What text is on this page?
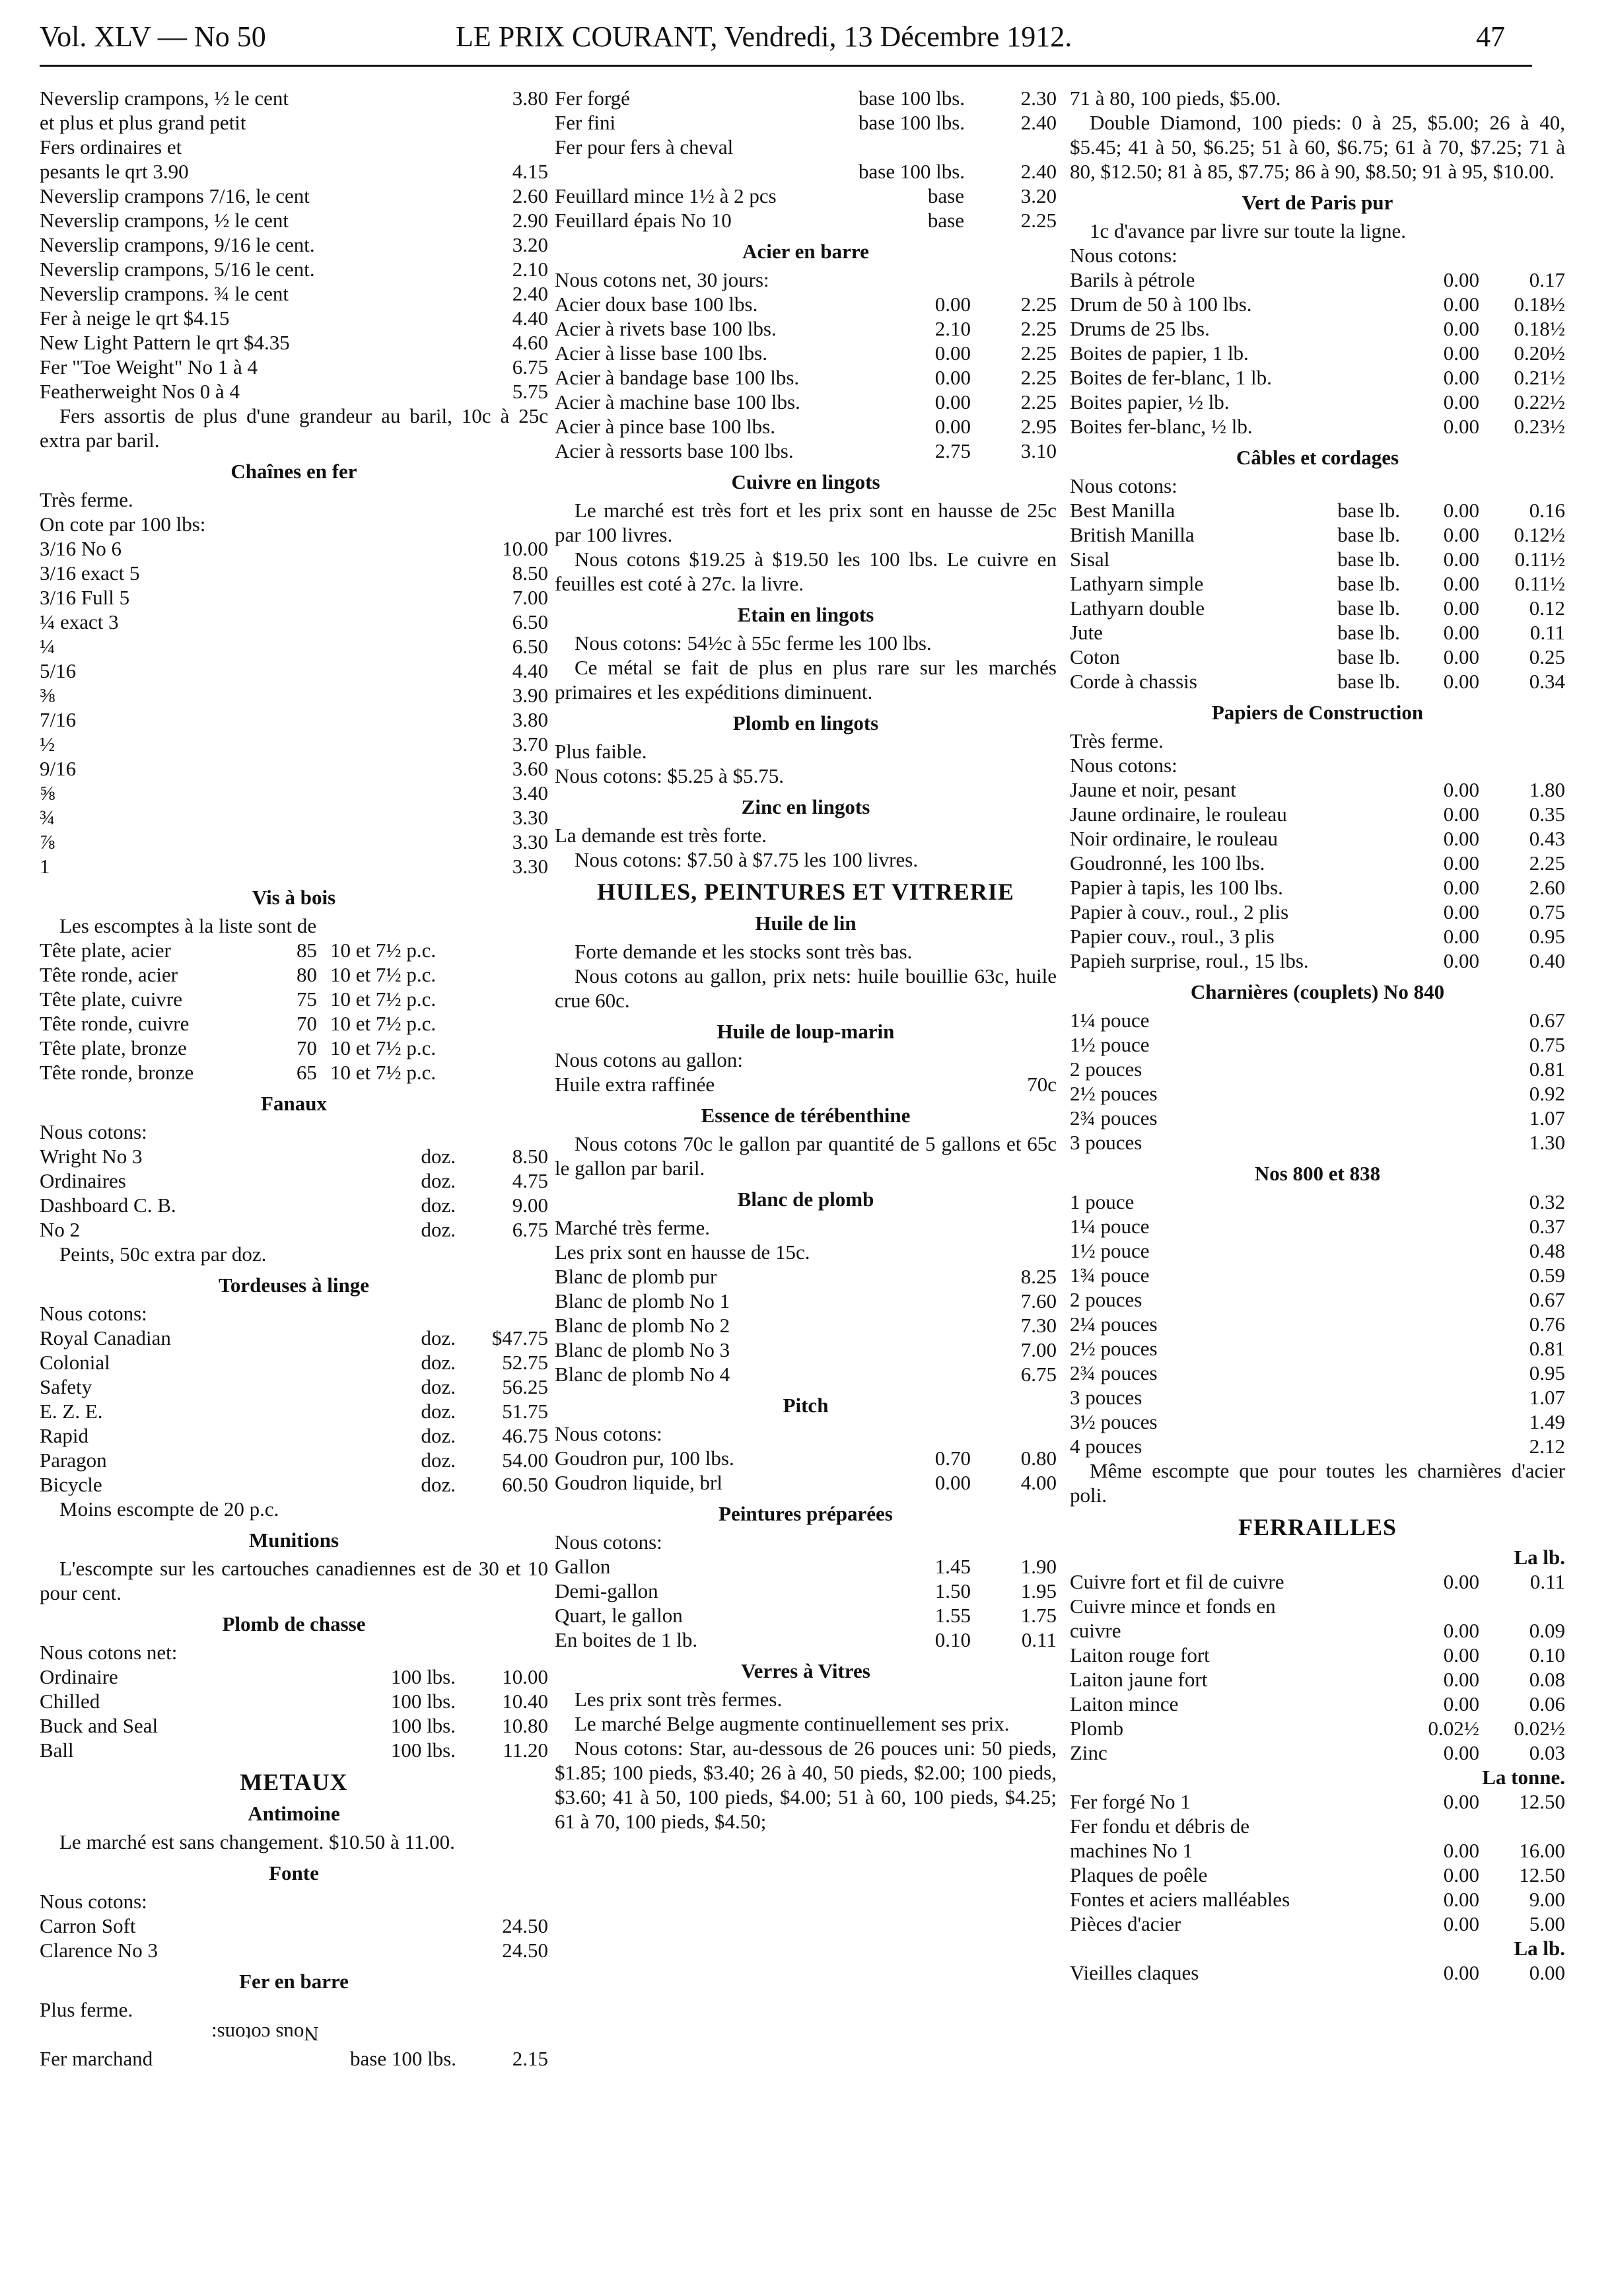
Vol. XLV — No 50	LE PRIX COURANT, Vendredi, 13 Décembre 1912.	47
Neverslip crampons, ½ le cent	3.80
et plus et plus grand petit
Fers ordinaires et
pesants le qrt 3.90	4.15
Neverslip crampons 7/16, le cent	2.60
Neverslip crampons, ½ le cent	2.90
Neverslip crampons, 9/16 le cent.	3.20
Neverslip crampons, 5/16 le cent.	2.10
Neverslip crampons. ¾ le cent	2.40
Fer à neige le qrt $4.15	4.40
New Light Pattern le qrt $4.35	4.60
Fer "Toe Weight" No 1 à 4	6.75
Featherweight Nos 0 à 4	5.75
Fers assortis de plus d'une grandeur au baril, 10c à 25c extra par baril.
Chaînes en fer
Très ferme.
On cote par 100 lbs:
3/16 No 6	10.00
3/16 exact 5	8.50
3/16 Full 5	7.00
¼ exact 3	6.50
¼	6.50
5/16	4.40
⅜	3.90
7/16	3.80
½	3.70
9/16	3.60
⅝	3.40
¾	3.30
⅞	3.30
1	3.30
Vis à bois
Les escomptes à la liste sont de
Tête plate, acier	85 10 et 7½ p.c.
Tête ronde, acier	80 10 et 7½ p.c.
Tête plate, cuivre	75 10 et 7½ p.c.
Tête ronde, cuivre	70 10 et 7½ p.c.
Tête plate, bronze	70 10 et 7½ p.c.
Tête ronde, bronze	65 10 et 7½ p.c.
Fanaux
Nous cotons:
Wright No 3	doz.	8.50
Ordinaires	doz.	4.75
Dashboard C. B.	doz.	9.00
No 2	doz.	6.75
Peints, 50c extra par doz.
Tordeuses à linge
Nous cotons:
Royal Canadian	doz.	$47.75
Colonial	doz.	52.75
Safety	doz.	56.25
E. Z. E.	doz.	51.75
Rapid	doz.	46.75
Paragon	doz.	54.00
Bicycle	doz.	60.50
Moins escompte de 20 p.c.
Munitions
L'escompte sur les cartouches canadiennes est de 30 et 10 pour cent.
Plomb de chasse
Nous cotons net:
Ordinaire	100 lbs.	10.00
Chilled	100 lbs.	10.40
Buck and Seal	100 lbs.	10.80
Ball	100 lbs.	11.20
METAUX
Antimoine
Le marché est sans changement. $10.50 à 11.00.
Fonte
Nous cotons:
Carron Soft	24.50
Clarence No 3	24.50
Fer en barre
Plus ferme.
Nous cotons:
Fer marchand	base 100 lbs.	2.15
Fer forgé	base 100 lbs.	2.30
Fer fini	base 100 lbs.	2.40
Fer pour fers à cheval
base 100 lbs.	2.40
Feuillard mince 1½ à 2 pcs	base	3.20
Feuillard épais No 10	base	2.25
Acier en barre
Nous cotons net, 30 jours:
Acier doux base 100 lbs.	0.00	2.25
Acier à rivets base 100 lbs.	2.10	2.25
Acier à lisse base 100 lbs.	0.00	2.25
Acier à bandage base 100 lbs.	0.00	2.25
Acier à machine base 100 lbs.	0.00	2.25
Acier à pince base 100 lbs.	0.00	2.95
Acier à ressorts base 100 lbs.	2.75	3.10
Cuivre en lingots
Le marché est très fort et les prix sont en hausse de 25c par 100 livres.
Nous cotons $19.25 à $19.50 les 100 lbs. Le cuivre en feuilles est coté à 27c. la livre.
Etain en lingots
Nous cotons: 54½c à 55c ferme les 100 lbs.
Ce métal se fait de plus en plus rare sur les marchés primaires et les expéditions diminuent.
Plomb en lingots
Plus faible.
Nous cotons: $5.25 à $5.75.
Zinc en lingots
La demande est très forte.
Nous cotons: $7.50 à $7.75 les 100 livres.
HUILES, PEINTURES ET VITRERIE
Huile de lin
Forte demande et les stocks sont très bas.
Nous cotons au gallon, prix nets: huile bouillie 63c, huile crue 60c.
Huile de loup-marin
Nous cotons au gallon:
Huile extra raffinée	70c
Essence de térébenthine
Nous cotons 70c le gallon par quantité de 5 gallons et 65c le gallon par baril.
Blanc de plomb
Marché très ferme.
Les prix sont en hausse de 15c.
Blanc de plomb pur	8.25
Blanc de plomb No 1	7.60
Blanc de plomb No 2	7.30
Blanc de plomb No 3	7.00
Blanc de plomb No 4	6.75
Pitch
Nous cotons:
Goudron pur, 100 lbs.	0.70	0.80
Goudron liquide, brl	0.00	4.00
Peintures préparées
Nous cotons:
Gallon	1.45	1.90
Demi-gallon	1.50	1.95
Quart, le gallon	1.55	1.75
En boites de 1 lb.	0.10	0.11
Verres à Vitres
Les prix sont très fermes.
Le marché Belge augmente continuellement ses prix.
Nous cotons: Star, au-dessous de 26 pouces uni: 50 pieds, $1.85; 100 pieds, $3.40; 26 à 40, 50 pieds, $2.00; 100 pieds, $3.60; 41 à 50, 100 pieds, $4.00; 51 à 60, 100 pieds, $4.25; 61 à 70, 100 pieds, $4.50;
71 à 80, 100 pieds, $5.00.
Double Diamond, 100 pieds: 0 à 25, $5.00; 26 à 40, $5.45; 41 à 50, $6.25; 51 à 60, $6.75; 61 à 70, $7.25; 71 à 80, $12.50; 81 à 85, $7.75; 86 à 90, $8.50; 91 à 95, $10.00.
Vert de Paris pur
1c d'avance par livre sur toute la ligne.
Nous cotons:
Barils à pétrole	0.00	0.17
Drum de 50 à 100 lbs.	0.00	0.18½
Drums de 25 lbs.	0.00	0.18½
Boites de papier, 1 lb.	0.00	0.20½
Boites de fer-blanc, 1 lb.	0.00	0.21½
Boites papier, ½ lb.	0.00	0.22½
Boites fer-blanc, ½ lb.	0.00	0.23½
Câbles et cordages
Nous cotons:
Best Manilla	base lb.	0.00	0.16
British Manilla	base lb.	0.00	0.12½
Sisal	base lb.	0.00	0.11½
Lathyarn simple	base lb.	0.00	0.11½
Lathyarn double	base lb.	0.00	0.12
Jute	base lb.	0.00	0.11
Coton	base lb.	0.00	0.25
Corde à chassis	base lb.	0.00	0.34
Papiers de Construction
Très ferme.
Nous cotons:
Jaune et noir, pesant	0.00	1.80
Jaune ordinaire, le rouleau	0.00	0.35
Noir ordinaire, le rouleau	0.00	0.43
Goudronné, les 100 lbs.	0.00	2.25
Papier à tapis, les 100 lbs.	0.00	2.60
Papier à couv., roul., 2 plis	0.00	0.75
Papier couv., roul., 3 plis	0.00	0.95
Papieh surprise, roul., 15 lbs.	0.00	0.40
Charnières (couplets) No 840
1¼ pouce	0.67
1½ pouce	0.75
2 pouces	0.81
2½ pouces	0.92
2¾ pouces	1.07
3 pouces	1.30
Nos 800 et 838
1 pouce	0.32
1¼ pouce	0.37
1½ pouce	0.48
1¾ pouce	0.59
2 pouces	0.67
2¼ pouces	0.76
2½ pouces	0.81
2¾ pouces	0.95
3 pouces	1.07
3½ pouces	1.49
4 pouces	2.12
Même escompte que pour toutes les charnières d'acier poli.
FERRAILLES
La lb.
Cuivre fort et fil de cuivre	0.00	0.11
Cuivre mince et fonds en
cuivre	0.00	0.09
Laiton rouge fort	0.00	0.10
Laiton jaune fort	0.00	0.08
Laiton mince	0.00	0.06
Plomb	0.02½	0.02½
Zinc	0.00	0.03
La tonne.
Fer forgé No 1	0.00	12.50
Fer fondu et débris de
machines No 1	0.00	16.00
Plaques de poêle	0.00	12.50
Fontes et aciers malléables	0.00	9.00
Pièces d'acier	0.00	5.00
La lb.
Vieilles claques	0.00	0.00
